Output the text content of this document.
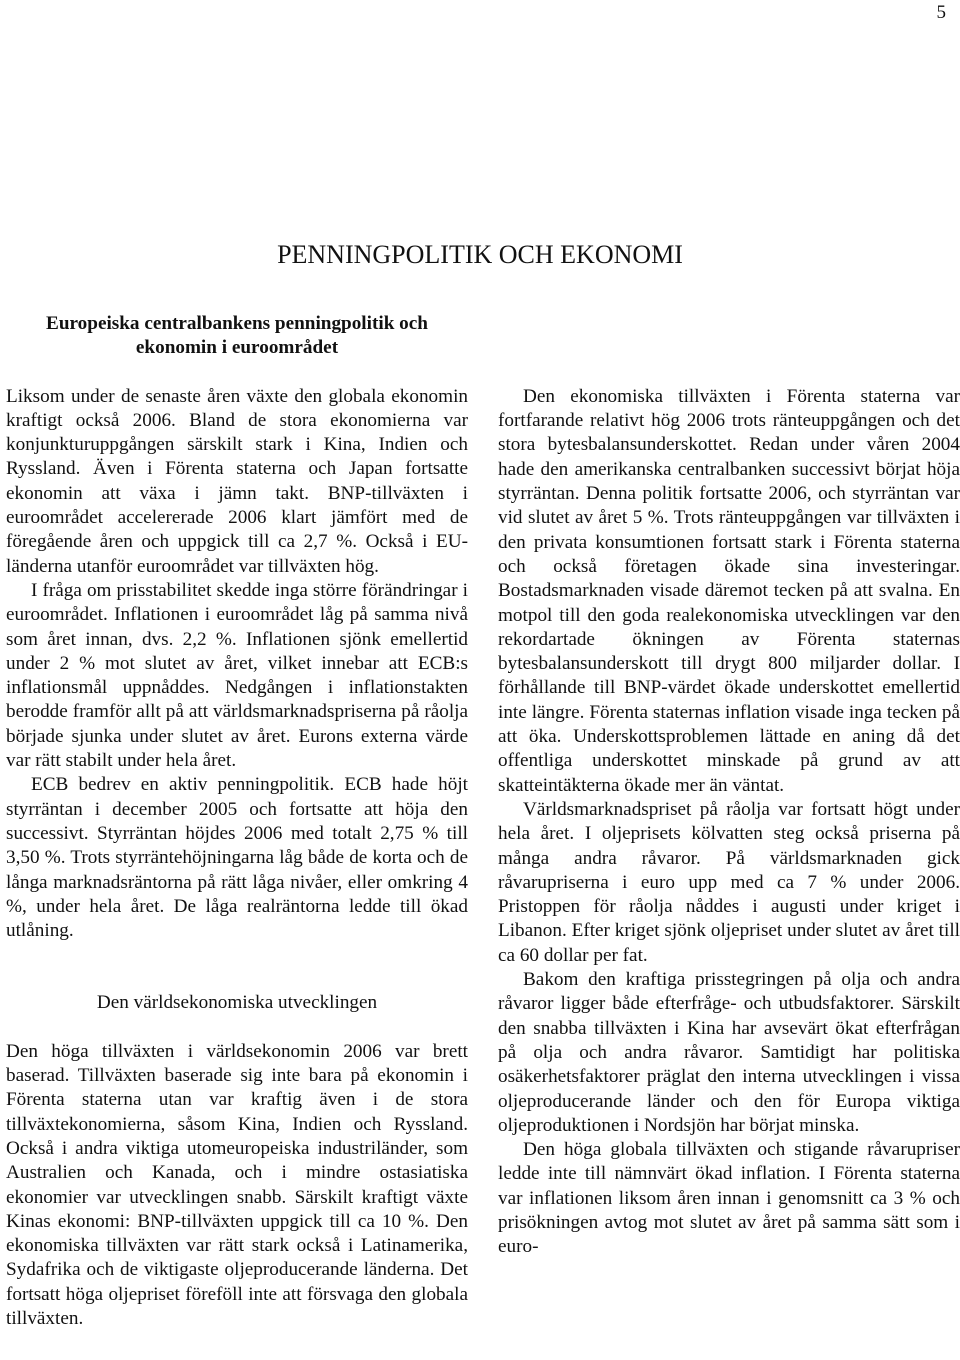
5
PENNINGPOLITIK OCH EKONOMI
Europeiska centralbankens penningpolitik och ekonomin i euroområdet

Liksom under de senaste åren växte den globala ekonomin kraftigt också 2006. Bland de stora ekonomierna var konjunkturuppgången särskilt stark i Kina, Indien och Ryssland. Även i Förenta staterna och Japan fortsatte ekonomin att växa i jämn takt. BNP-tillväxten i euroområdet accelererade 2006 klart jämfört med de föregående åren och uppgick till ca 2,7 %. Också i EU-länderna utanför euroområdet var tillväxten hög.

I fråga om prisstabilitet skedde inga större förändringar i euroområdet. Inflationen i euroområdet låg på samma nivå som året innan, dvs. 2,2 %. Inflationen sjönk emellertid under 2 % mot slutet av året, vilket innebar att ECB:s inflationsmål uppnåddes. Nedgången i inflationstakten berodde framför allt på att världsmarknadspriserna på råolja började sjunka under slutet av året. Eurons externa värde var rätt stabilt under hela året.

ECB bedrev en aktiv penningpolitik. ECB hade höjt styrräntan i december 2005 och fortsatte att höja den successivt. Styrräntan höjdes 2006 med totalt 2,75 % till 3,50 %. Trots styrräntehöjningarna låg både de korta och de långa marknadsräntorna på rätt låga nivåer, eller omkring 4 %, under hela året. De låga realräntorna ledde till ökad utlåning.

Den världsekonomiska utvecklingen

Den höga tillväxten i världsekonomin 2006 var brett baserad. Tillväxten baserade sig inte bara på ekonomin i Förenta staterna utan var kraftig även i de stora tillväxtekonomierna, såsom Kina, Indien och Ryssland. Också i andra viktiga utomeuropeiska industriländer, som Australien och Kanada, och i mindre ostasiatiska ekonomier var utvecklingen snabb. Särskilt kraftigt växte Kinas ekonomi: BNP-tillväxten uppgick till ca 10 %. Den ekonomiska tillväxten var rätt stark också i Latinamerika, Sydafrika och de viktigaste oljeproducerande länderna. Det fortsatt höga oljepriset föreföll inte att försvaga den globala tillväxten.

Den ekonomiska tillväxten i Förenta staterna var fortfarande relativt hög 2006 trots ränteuppgången och det stora bytesbalansunderskottet. Redan under våren 2004 hade den amerikanska centralbanken successivt börjat höja styrräntan. Denna politik fortsatte 2006, och styrräntan var vid slutet av året 5 %. Trots ränteuppgången var tillväxten i den privata konsumtionen fortsatt stark i Förenta staterna och också företagen ökade sina investeringar. Bostadsmarknaden visade däremot tecken på att svalna. En motpol till den goda realekonomiska utvecklingen var den rekordartade ökningen av Förenta staternas bytesbalansunderskott till drygt 800 miljarder dollar. I förhållande till BNP-värdet ökade underskottet emellertid inte längre. Förenta staternas inflation visade inga tecken på att öka. Underskottsproblemen lättade en aning då det offentliga underskottet minskade på grund av att skatteintäkterna ökade mer än väntat.

Världsmarknadspriset på råolja var fortsatt högt under hela året. I oljeprisets kölvatten steg också priserna på många andra råvaror. På världsmarknaden gick råvarupriserna i euro upp med ca 7 % under 2006. Pristoppen för råolja nåddes i augusti under kriget i Libanon. Efter kriget sjönk oljepriset under slutet av året till ca 60 dollar per fat.

Bakom den kraftiga prisstegringen på olja och andra råvaror ligger både efterfråge- och utbudsfaktorer. Särskilt den snabba tillväxten i Kina har avsevärt ökat efterfrågan på olja och andra råvaror. Samtidigt har politiska osäkerhetsfaktorer präglat den interna utvecklingen i vissa oljeproducerande länder och den för Europa viktiga oljeproduktionen i Nordsjön har börjat minska.

Den höga globala tillväxten och stigande råvarupriser ledde inte till nämnvärt ökad inflation. I Förenta staterna var inflationen liksom åren innan i genomsnitt ca 3 % och prisökningen avtog mot slutet av året på samma sätt som i euro-
